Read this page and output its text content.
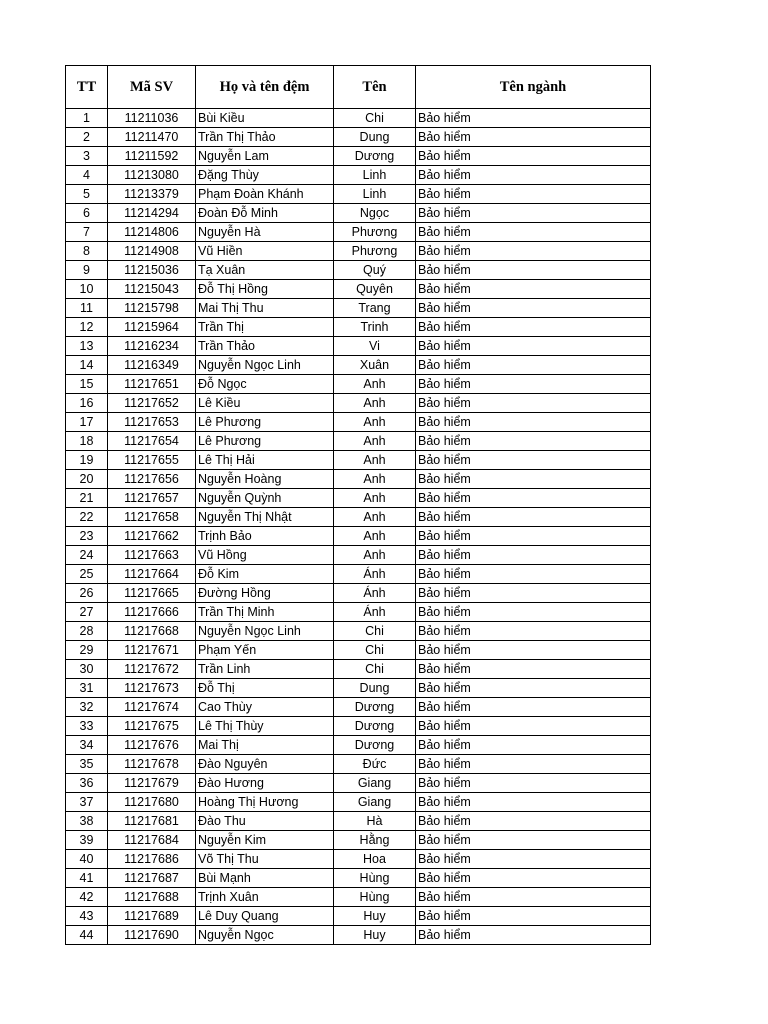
TT	Mã SV	Họ và tên đệm	Tên	Tên ngành
1	11211036	Bùi Kiều	Chi	Bảo hiểm
2	11211470	Trần Thị Thảo	Dung	Bảo hiểm
3	11211592	Nguyễn Lam	Dương	Bảo hiểm
4	11213080	Đặng Thùy	Linh	Bảo hiểm
5	11213379	Phạm Đoàn Khánh	Linh	Bảo hiểm
6	11214294	Đoàn Đỗ Minh	Ngọc	Bảo hiểm
7	11214806	Nguyễn Hà	Phương	Bảo hiểm
8	11214908	Vũ Hiền	Phương	Bảo hiểm
9	11215036	Tạ Xuân	Quý	Bảo hiểm
10	11215043	Đỗ Thị Hồng	Quyên	Bảo hiểm
11	11215798	Mai Thị Thu	Trang	Bảo hiểm
12	11215964	Trần Thị	Trinh	Bảo hiểm
13	11216234	Trần Thảo	Vi	Bảo hiểm
14	11216349	Nguyễn Ngọc Linh	Xuân	Bảo hiểm
15	11217651	Đỗ Ngọc	Anh	Bảo hiểm
16	11217652	Lê Kiều	Anh	Bảo hiểm
17	11217653	Lê Phương	Anh	Bảo hiểm
18	11217654	Lê Phương	Anh	Bảo hiểm
19	11217655	Lê Thị Hải	Anh	Bảo hiểm
20	11217656	Nguyễn Hoàng	Anh	Bảo hiểm
21	11217657	Nguyễn Quỳnh	Anh	Bảo hiểm
22	11217658	Nguyễn Thị Nhật	Anh	Bảo hiểm
23	11217662	Trịnh Bảo	Anh	Bảo hiểm
24	11217663	Vũ Hồng	Anh	Bảo hiểm
25	11217664	Đỗ Kim	Ánh	Bảo hiểm
26	11217665	Đường Hồng	Ánh	Bảo hiểm
27	11217666	Trần Thị Minh	Ánh	Bảo hiểm
28	11217668	Nguyễn Ngọc Linh	Chi	Bảo hiểm
29	11217671	Phạm Yến	Chi	Bảo hiểm
30	11217672	Trần Linh	Chi	Bảo hiểm
31	11217673	Đỗ Thị	Dung	Bảo hiểm
32	11217674	Cao Thùy	Dương	Bảo hiểm
33	11217675	Lê Thị Thùy	Dương	Bảo hiểm
34	11217676	Mai Thị	Dương	Bảo hiểm
35	11217678	Đào Nguyên	Đức	Bảo hiểm
36	11217679	Đào Hương	Giang	Bảo hiểm
37	11217680	Hoàng Thị Hương	Giang	Bảo hiểm
38	11217681	Đào Thu	Hà	Bảo hiểm
39	11217684	Nguyễn Kim	Hằng	Bảo hiểm
40	11217686	Võ Thị Thu	Hoa	Bảo hiểm
41	11217687	Bùi Mạnh	Hùng	Bảo hiểm
42	11217688	Trịnh Xuân	Hùng	Bảo hiểm
43	11217689	Lê Duy Quang	Huy	Bảo hiểm
44	11217690	Nguyễn Ngọc	Huy	Bảo hiểm
